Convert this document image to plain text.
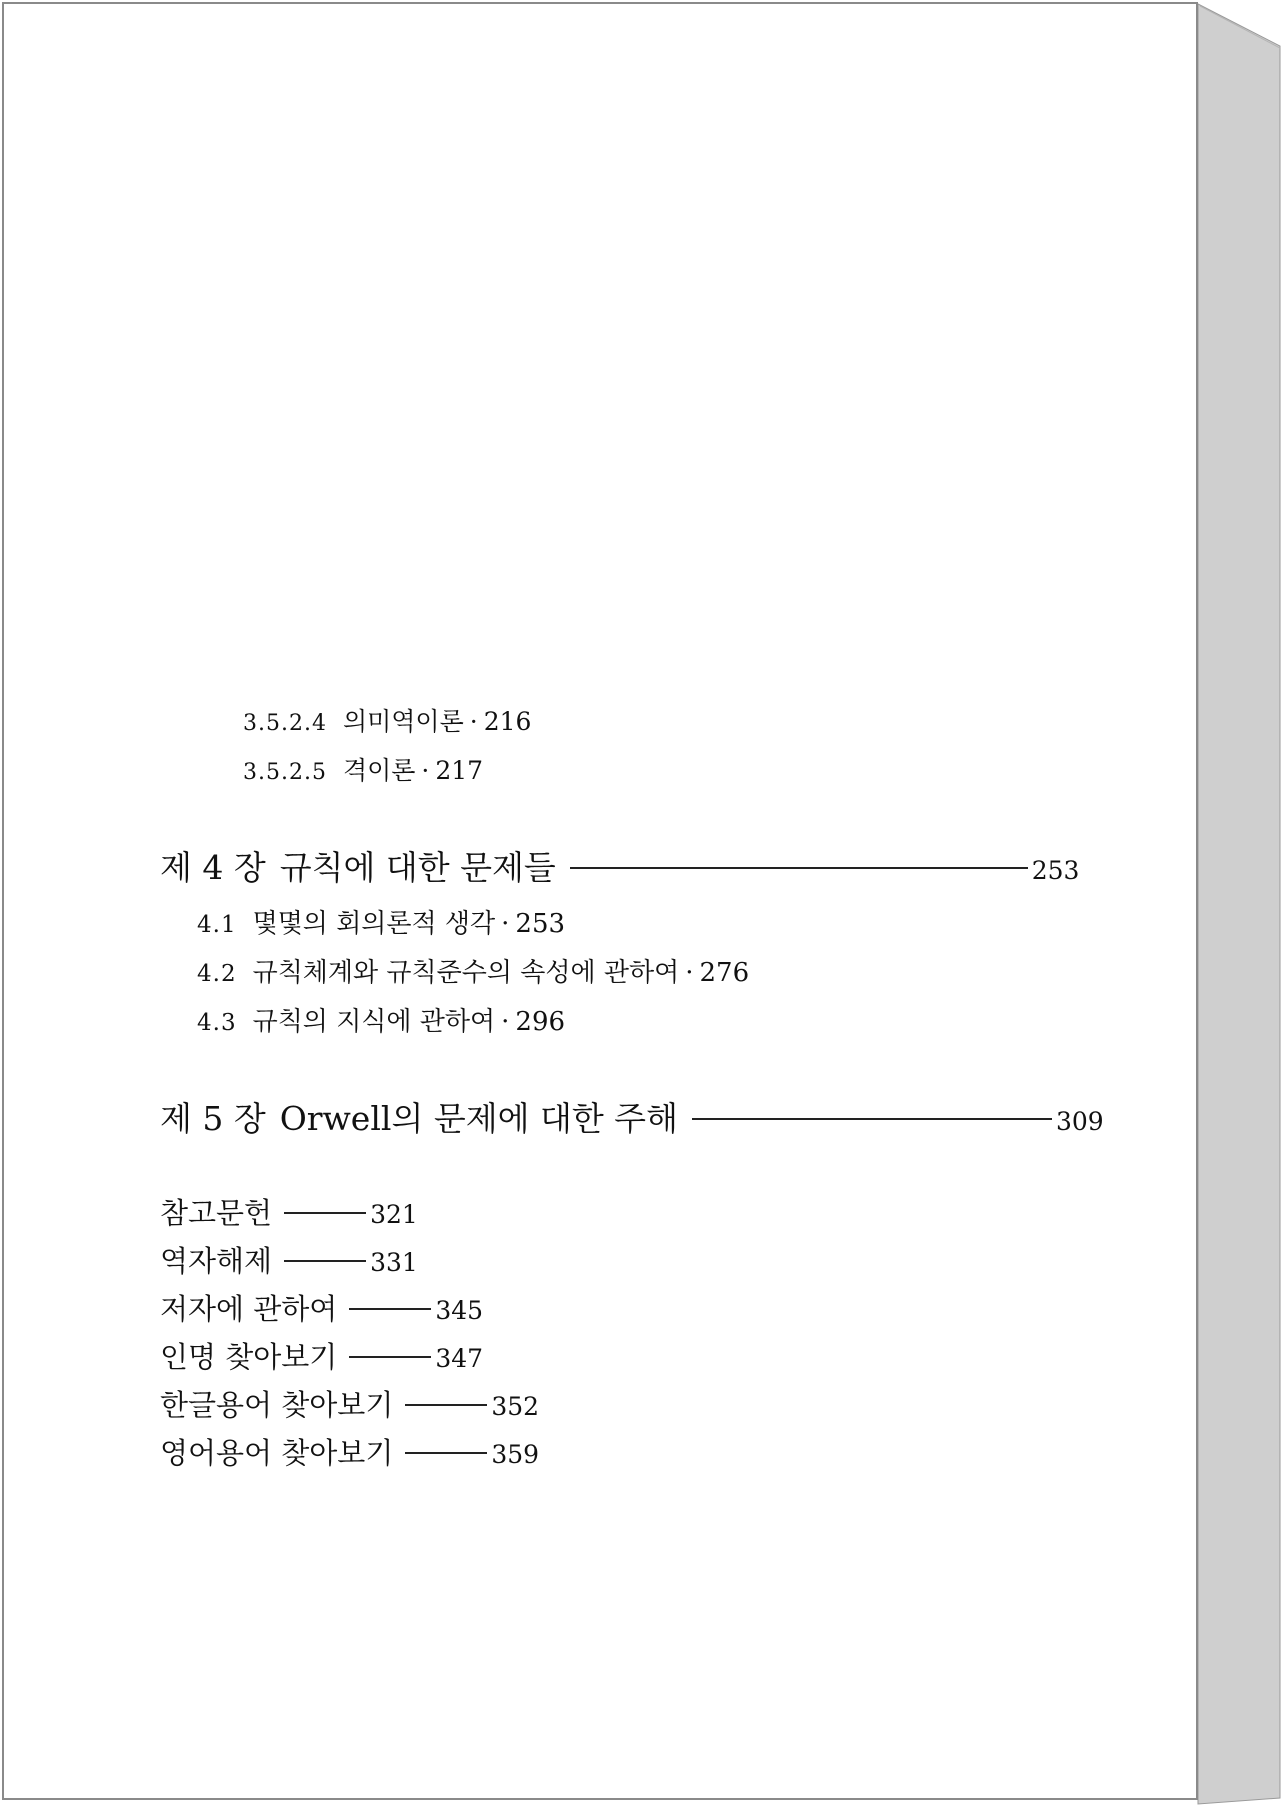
3.5.2.4 의미역이론 · 216
3.5.2.5 격이론 · 217
제 4 장 규칙에 대한 문제들	253
4.1 몇몇의 회의론적 생각 · 253
4.2 규칙체계와 규칙준수의 속성에 관하여 · 276
4.3 규칙의 지식에 관하여 · 296
제 5 장 Orwell의 문제에 대한 주해	309
참고문헌	321
역자해제	331
저자에 관하여	345
인명 찾아보기	347
한글용어 찾아보기	352
영어용어 찾아보기	359
